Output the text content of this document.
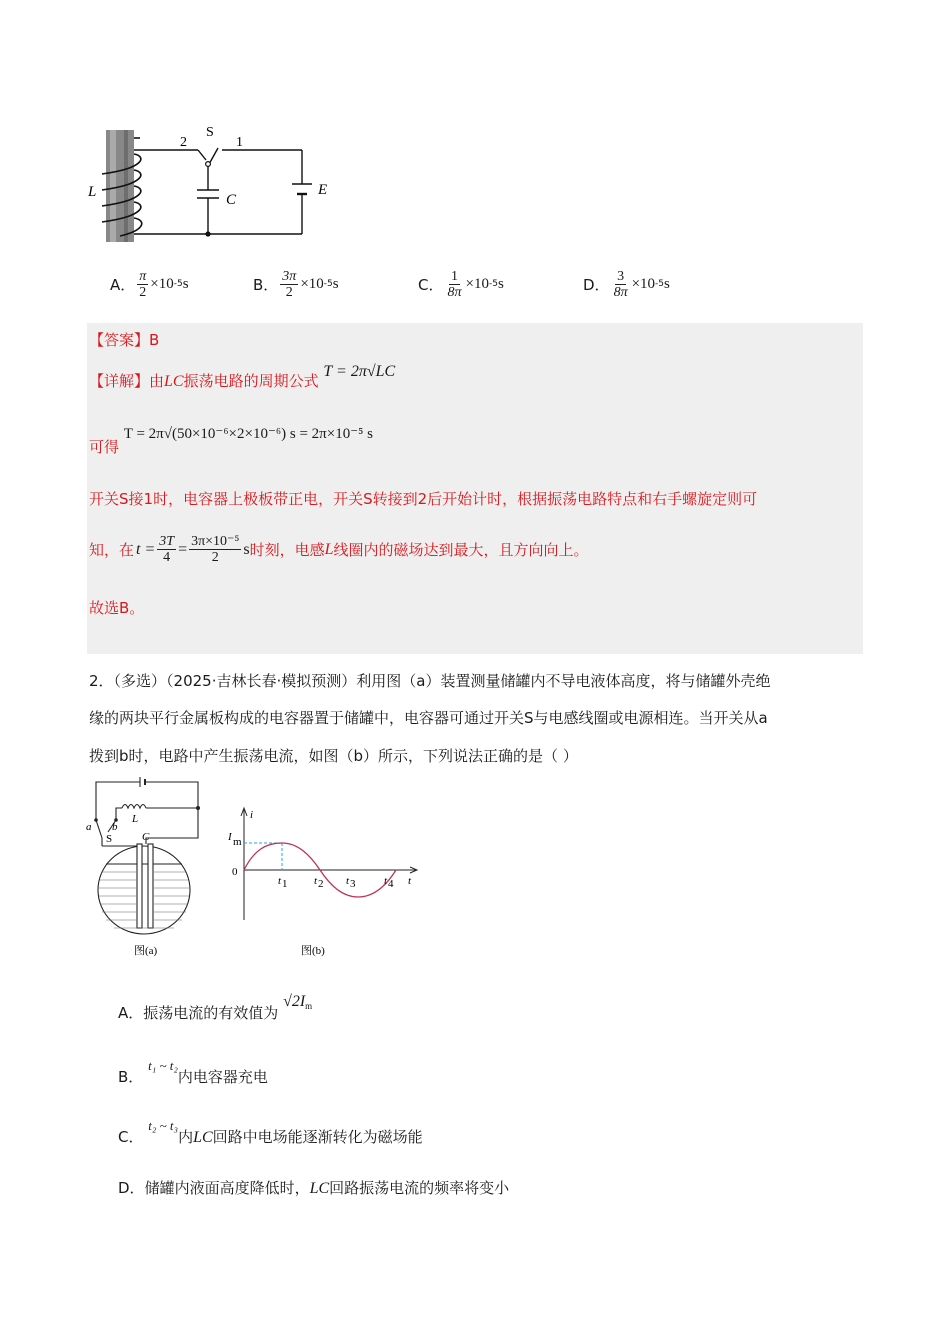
L
2
S
1
C
E
A． $\frac{\pi}{2} \times 10$ -5 s	B． $\frac{3\pi}{2} \times 10$ -5 s	C． $\frac{1}{8\pi} \times 10$ -5 s	D． $\frac{3}{8\pi} \times 10$ -5 s
【答案】B
【详解】由LC振荡电路的周期公式 T = 2π√LC
可得 T = 2π√(50×10⁻⁶×2×10⁻⁶) s = 2π×10⁻⁵ s
开关S接1时，电容器上极板带正电，开关S转接到2后开始计时，根据振荡电路特点和右手螺旋定则可
知，在 $t = \frac{3T}{4} = \frac{\text{3π×10⁻⁵}}{2}$ s 时刻，电感 L 线圈内的磁场达到最大，且方向向上。
故选B。
2．（多选）（2025·吉林长春·模拟预测）利用图（a）装置测量储罐内不导电液体高度，将与储罐外壳绝
缘的两块平行金属板构成的电容器置于储罐中，电容器可通过开关S与电感线圈或电源相连。当开关从a
拨到b时，电路中产生振荡电流，如图（b）所示，下列说法正确的是（ ）
a b
L
S	C
图(a)
i
I m
0
t 1 t 2 t 3	t 4 t
图(b)
A．振荡电流的有效值为 $√2I_m$
B． t₁ ~ t₂内电容器充电
C． t₂ ~ t₃内LC回路中电场能逐渐转化为磁场能
D．储罐内液面高度降低时，LC回路振荡电流的频率将变小
